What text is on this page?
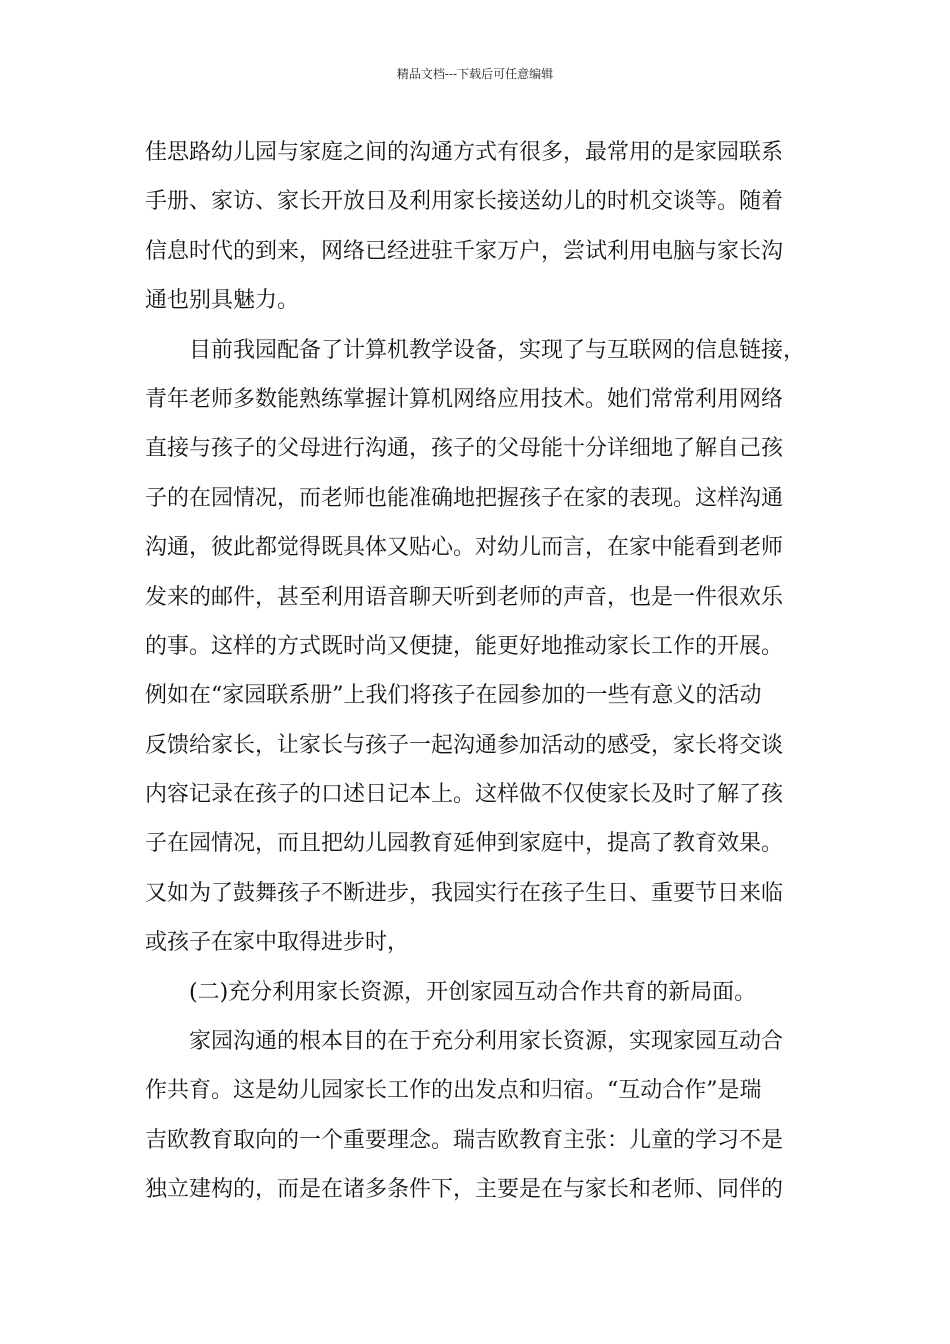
精品文档---下载后可任意编辑
佳思路幼儿园与家庭之间的沟通方式有很多，最常用的是家园联系
手册、家访、家长开放日及利用家长接送幼儿的时机交谈等。随着
信息时代的到来，网络已经进驻千家万户，尝试利用电脑与家长沟
通也别具魅力。
目前我园配备了计算机教学设备，实现了与互联网的信息链接，
青年老师多数能熟练掌握计算机网络应用技术。她们常常利用网络
直接与孩子的父母进行沟通，孩子的父母能十分详细地了解自己孩
子的在园情况，而老师也能准确地把握孩子在家的表现。这样沟通
沟通，彼此都觉得既具体又贴心。对幼儿而言，在家中能看到老师
发来的邮件，甚至利用语音聊天听到老师的声音，也是一件很欢乐
的事。这样的方式既时尚又便捷，能更好地推动家长工作的开展。
例如在“家园联系册”上我们将孩子在园参加的一些有意义的活动
反馈给家长，让家长与孩子一起沟通参加活动的感受，家长将交谈
内容记录在孩子的口述日记本上。这样做不仅使家长及时了解了孩
子在园情况，而且把幼儿园教育延伸到家庭中，提高了教育效果。
又如为了鼓舞孩子不断进步，我园实行在孩子生日、重要节日来临
或孩子在家中取得进步时，
(二)充分利用家长资源，开创家园互动合作共育的新局面。
家园沟通的根本目的在于充分利用家长资源，实现家园互动合
作共育。这是幼儿园家长工作的出发点和归宿。“互动合作”是瑞
吉欧教育取向的一个重要理念。瑞吉欧教育主张：儿童的学习不是
独立建构的，而是在诸多条件下，主要是在与家长和老师、同伴的
